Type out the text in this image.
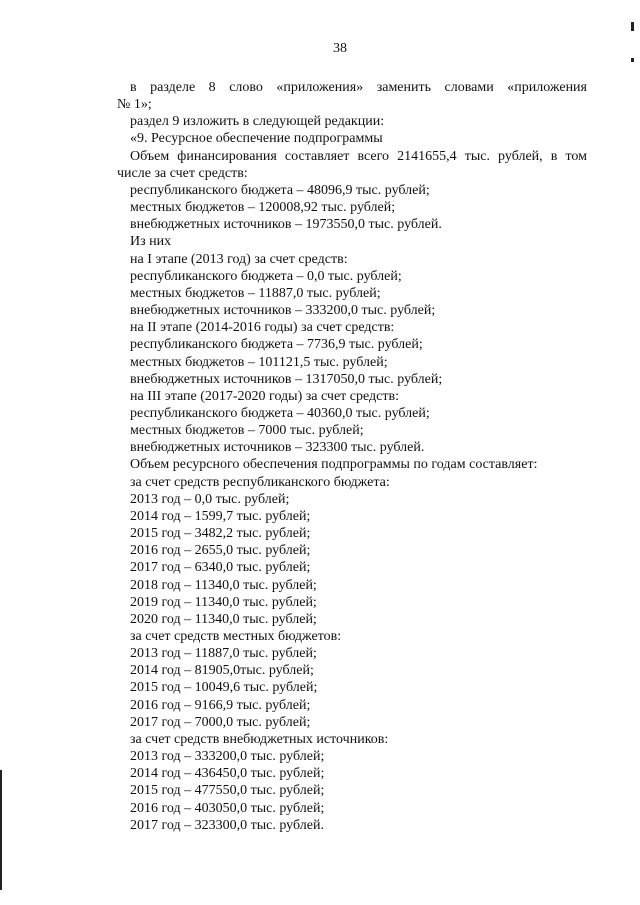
38

в разделе 8 слово «приложения» заменить словами «приложения

№ 1»;

раздел 9 изложить в следующей редакции:

«9. Ресурсное обеспечение подпрограммы

Объем финансирования составляет всего 2141655,4 тыс. рублей, в том

числе за счет средств:

республиканского бюджета – 48096,9 тыс. рублей;

местных бюджетов – 120008,92 тыс. рублей;

внебюджетных источников – 1973550,0 тыс. рублей.

Из них

на I этапе (2013 год) за счет средств:

республиканского бюджета – 0,0 тыс. рублей;

местных бюджетов – 11887,0 тыс. рублей;

внебюджетных источников – 333200,0 тыс. рублей;

на II этапе (2014-2016 годы) за счет средств:

республиканского бюджета – 7736,9 тыс. рублей;

местных бюджетов – 101121,5 тыс. рублей;

внебюджетных источников – 1317050,0 тыс. рублей;

на III этапе (2017-2020 годы) за счет средств:

республиканского бюджета – 40360,0 тыс. рублей;

местных бюджетов – 7000 тыс. рублей;

внебюджетных источников – 323300 тыс. рублей.

Объем ресурсного обеспечения подпрограммы по годам составляет:

за счет средств республиканского бюджета:

2013 год – 0,0 тыс. рублей;

2014 год – 1599,7 тыс. рублей;

2015 год – 3482,2 тыс. рублей;

2016 год – 2655,0 тыс. рублей;

2017 год – 6340,0 тыс. рублей;

2018 год – 11340,0 тыс. рублей;

2019 год – 11340,0 тыс. рублей;

2020 год – 11340,0 тыс. рублей;

за счет средств местных бюджетов:

2013 год – 11887,0 тыс. рублей;

2014 год – 81905,0тыс. рублей;

2015 год – 10049,6 тыс. рублей;

2016 год – 9166,9 тыс. рублей;

2017 год – 7000,0 тыс. рублей;

за счет средств внебюджетных источников:

2013 год – 333200,0 тыс. рублей;

2014 год – 436450,0 тыс. рублей;

2015 год – 477550,0 тыс. рублей;

2016 год – 403050,0 тыс. рублей;

2017 год – 323300,0 тыс. рублей.
